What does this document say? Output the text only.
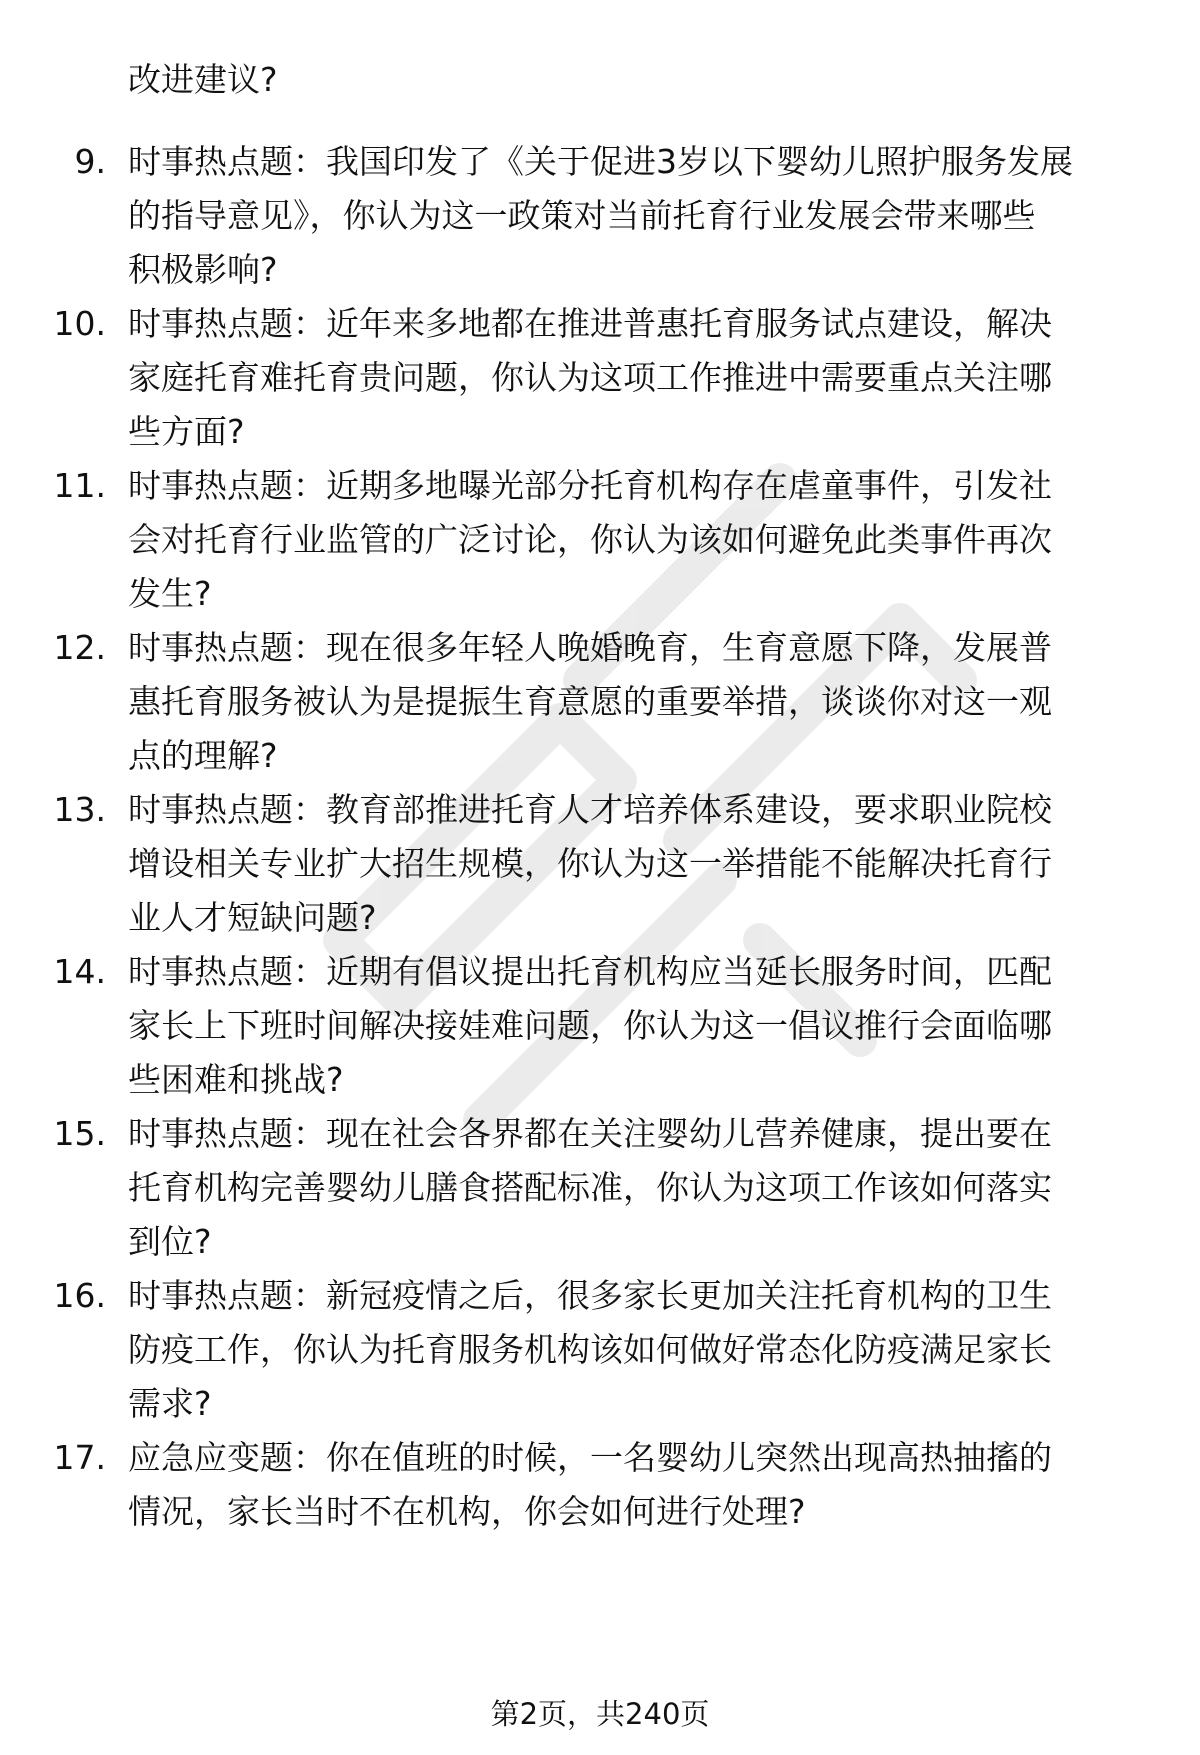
改进建议?
9. 时事热点题：我国印发了《关于促进3岁以下婴幼儿照护服务发展
的指导意见》，你认为这一政策对当前托育行业发展会带来哪些
积极影响?
10. 时事热点题：近年来多地都在推进普惠托育服务试点建设，解决
家庭托育难托育贵问题，你认为这项工作推进中需要重点关注哪
些方面?
11. 时事热点题：近期多地曝光部分托育机构存在虐童事件，引发社
会对托育行业监管的广泛讨论，你认为该如何避免此类事件再次
发生?
12. 时事热点题：现在很多年轻人晚婚晚育，生育意愿下降，发展普
惠托育服务被认为是提振生育意愿的重要举措，谈谈你对这一观
点的理解?
13. 时事热点题：教育部推进托育人才培养体系建设，要求职业院校
增设相关专业扩大招生规模，你认为这一举措能不能解决托育行
业人才短缺问题?
14. 时事热点题：近期有倡议提出托育机构应当延长服务时间，匹配
家长上下班时间解决接娃难问题，你认为这一倡议推行会面临哪
些困难和挑战?
15. 时事热点题：现在社会各界都在关注婴幼儿营养健康，提出要在
托育机构完善婴幼儿膳食搭配标准，你认为这项工作该如何落实
到位?
16. 时事热点题：新冠疫情之后，很多家长更加关注托育机构的卫生
防疫工作，你认为托育服务机构该如何做好常态化防疫满足家长
需求?
17. 应急应变题：你在值班的时候，一名婴幼儿突然出现高热抽搐的
情况，家长当时不在机构，你会如何进行处理?
第2页，共240页
